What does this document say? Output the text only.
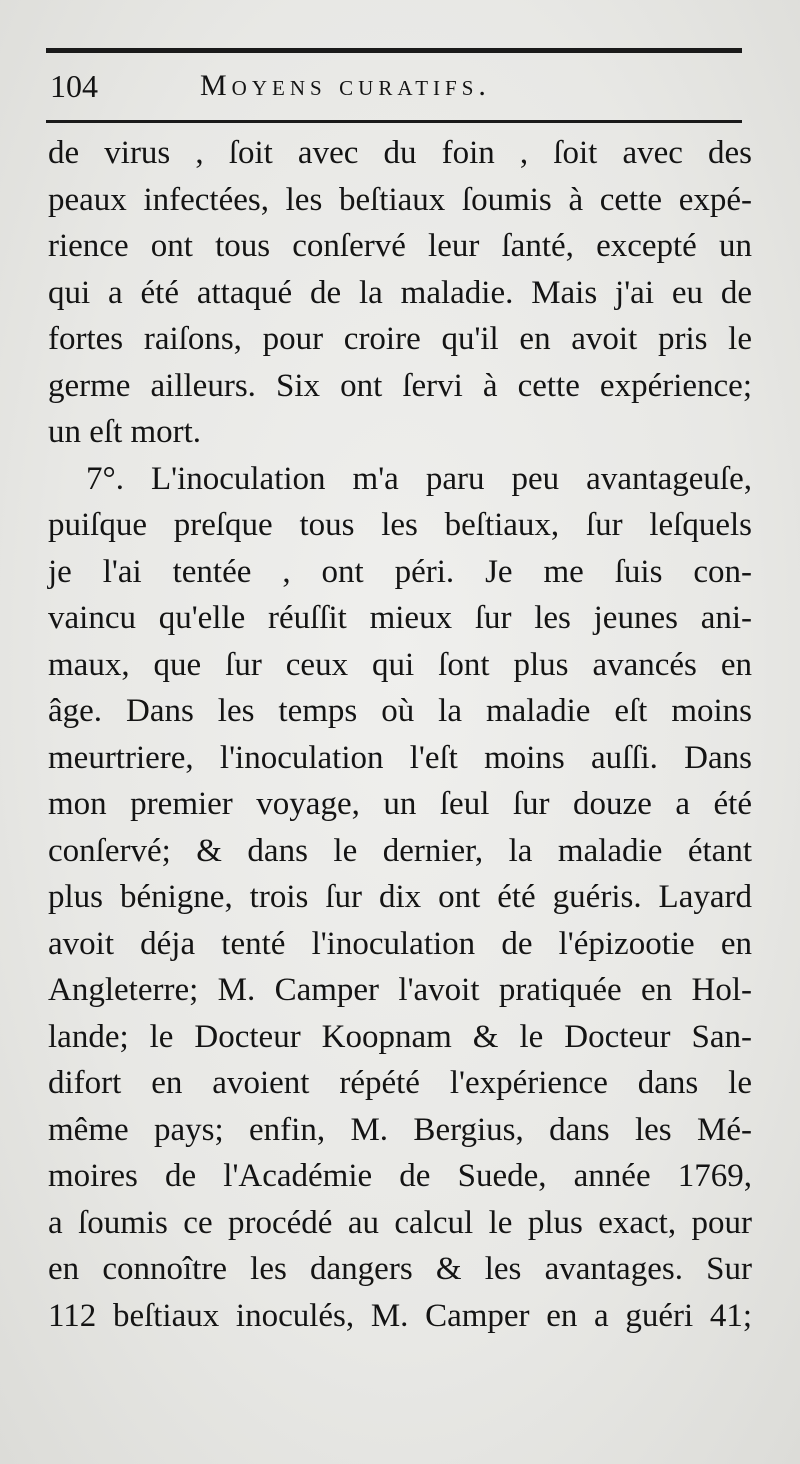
104	Moyens curatifs.
de virus , ſoit avec du foin , ſoit avec des
peaux infectées, les beſtiaux ſoumis à cette expé-
rience ont tous conſervé leur ſanté, excepté un
qui a été attaqué de la maladie. Mais j'ai eu de
fortes raiſons, pour croire qu'il en avoit pris le
germe ailleurs. Six ont ſervi à cette expérience;
un eſt mort.
7°. L'inoculation m'a paru peu avantageuſe,
puiſque preſque tous les beſtiaux, ſur leſquels
je l'ai tentée , ont péri. Je me ſuis con-
vaincu qu'elle réuſſit mieux ſur les jeunes ani-
maux, que ſur ceux qui ſont plus avancés en
âge. Dans les temps où la maladie eſt moins
meurtriere, l'inoculation l'eſt moins auſſi. Dans
mon premier voyage, un ſeul ſur douze a été
conſervé; & dans le dernier, la maladie étant
plus bénigne, trois ſur dix ont été guéris. Layard
avoit déja tenté l'inoculation de l'épizootie en
Angleterre; M. Camper l'avoit pratiquée en Hol-
lande; le Docteur Koopnam & le Docteur San-
difort en avoient répété l'expérience dans le
même pays; enfin, M. Bergius, dans les Mé-
moires de l'Académie de Suede, année 1769,
a ſoumis ce procédé au calcul le plus exact, pour
en connoître les dangers & les avantages. Sur
112 beſtiaux inoculés, M. Camper en a guéri 41;
